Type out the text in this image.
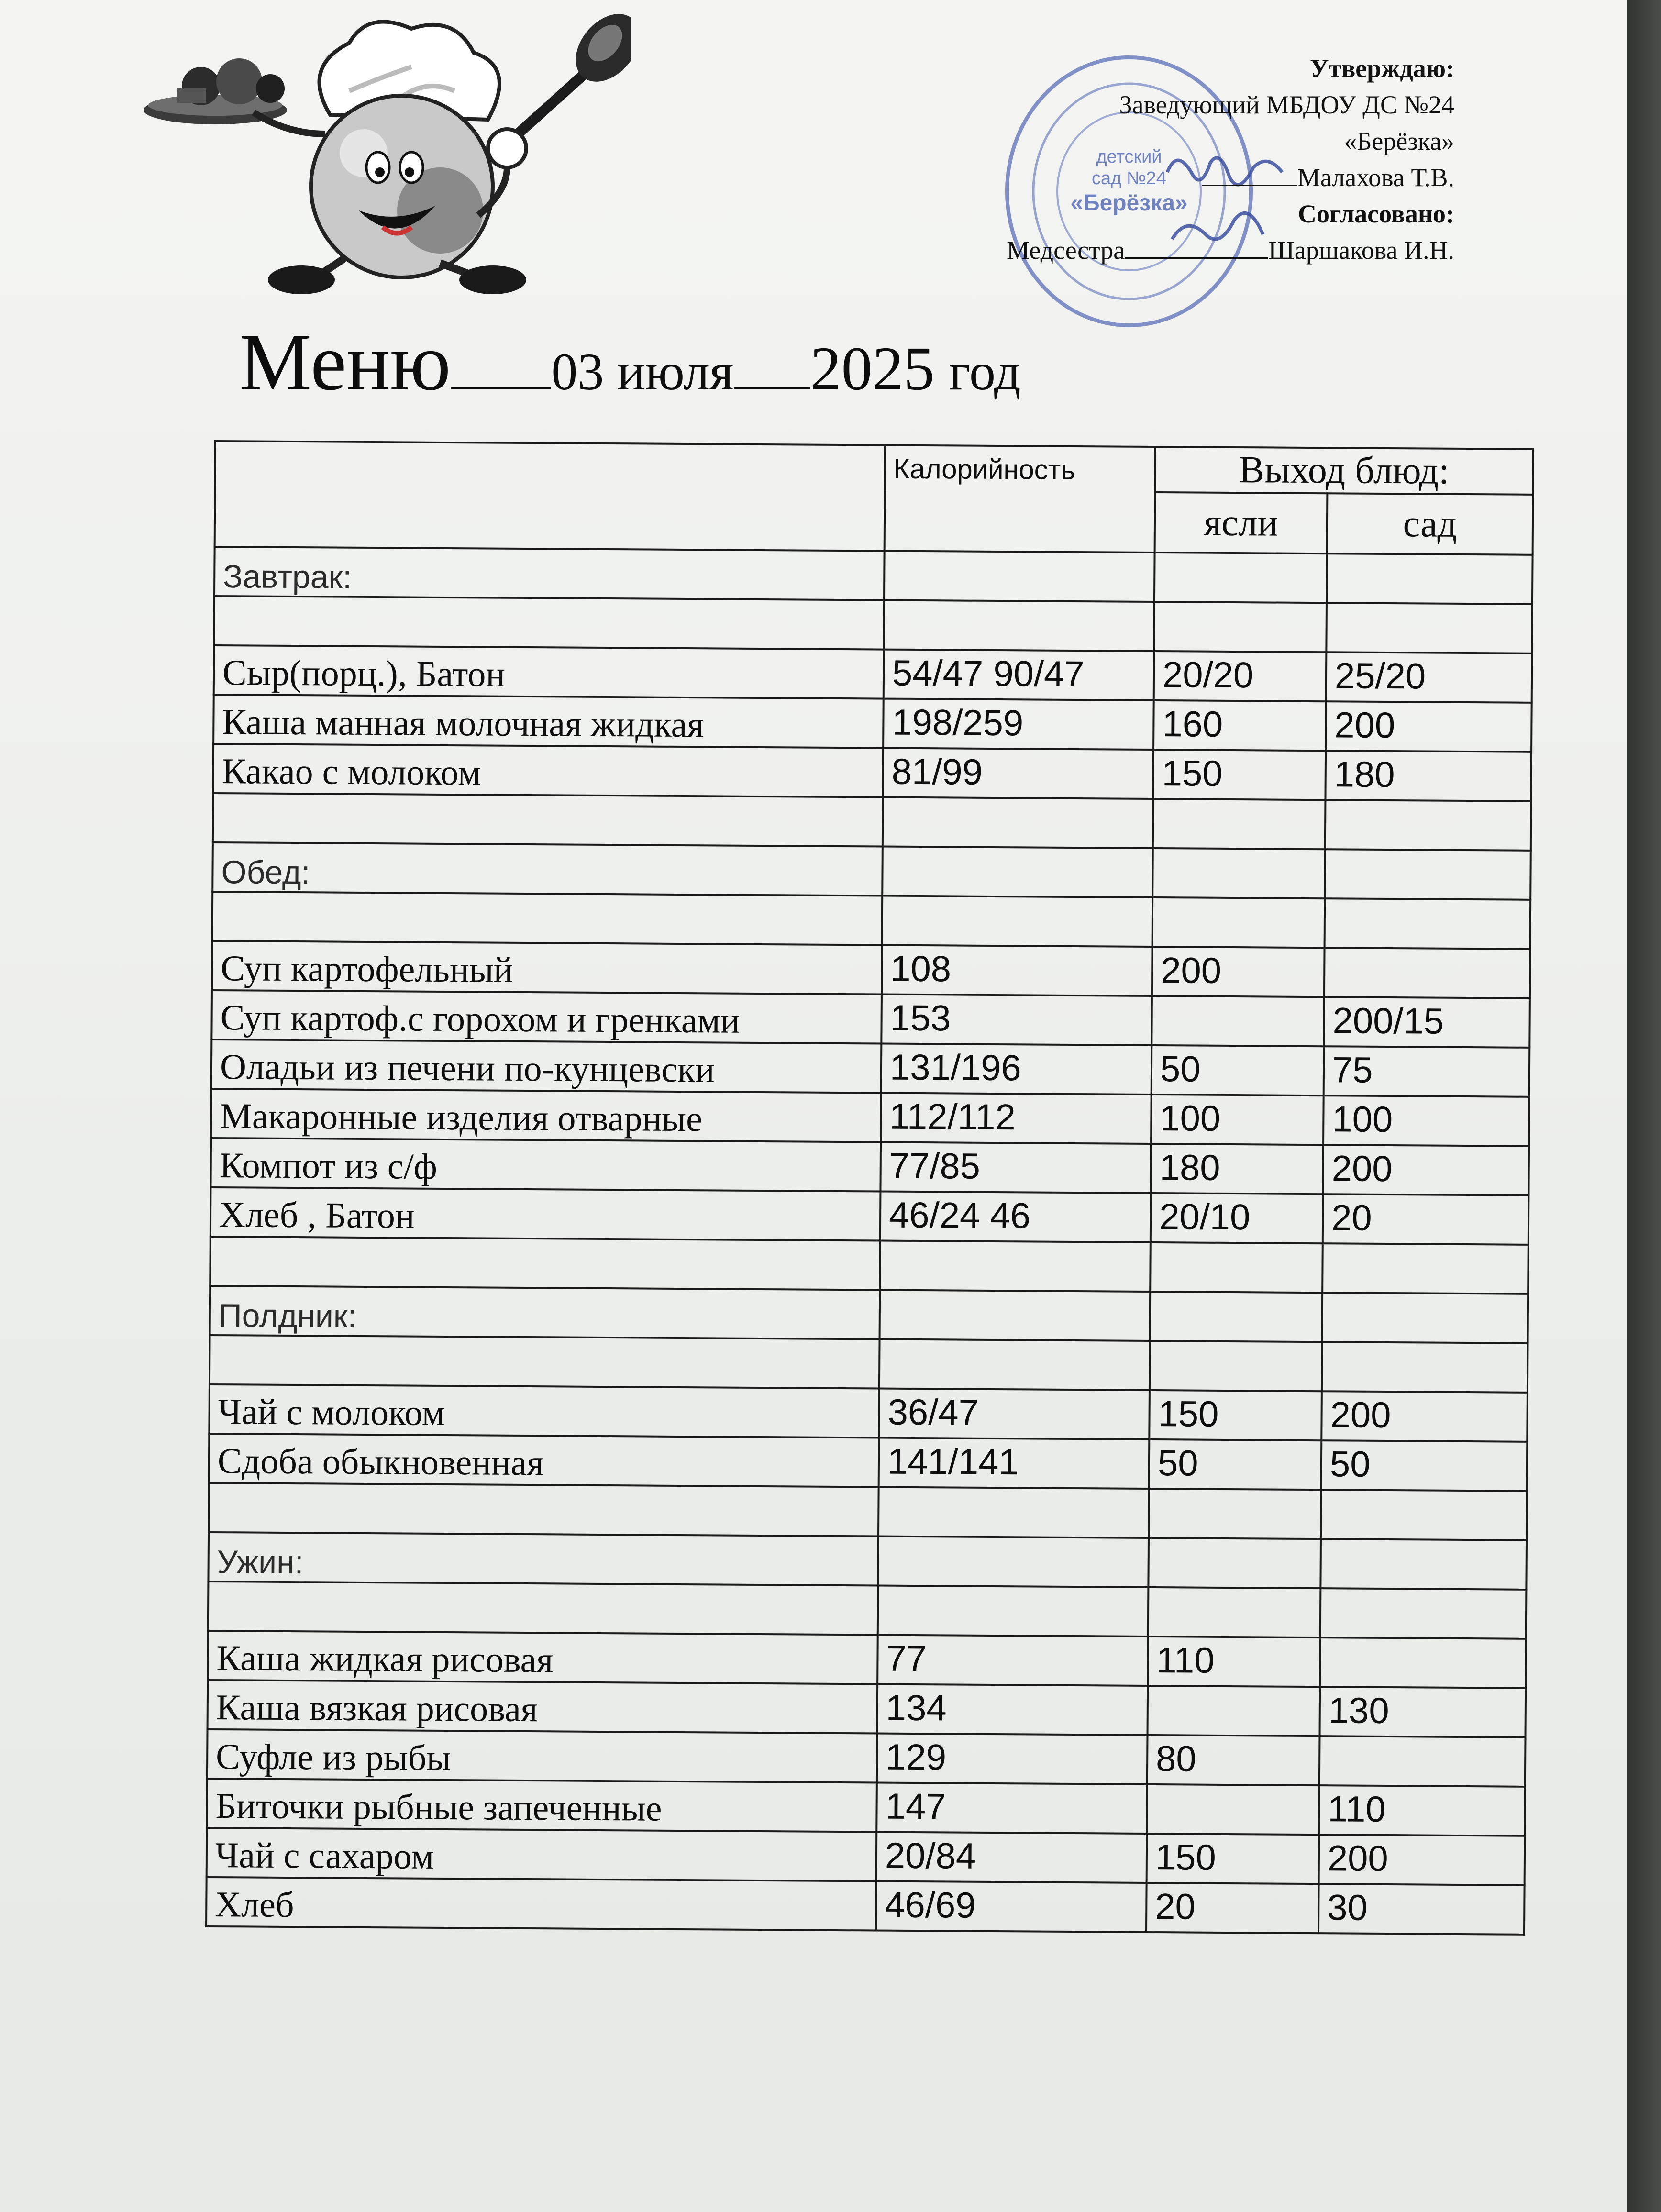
детский
сад №24
«Берёзка»
Утверждаю:
Заведующий МБДОУ ДС №24
«Берёзка»
Малахова Т.В.
Согласовано:
Медсестра	Шаршакова И.Н.
Меню 03 июля 2025 год
	Калорийность	Выход блюд:	
		ясли	сад
Завтрак:			

Сыр(порц.), Батон	54/47 90/47	20/20	25/20
Каша манная молочная жидкая	198/259	160	200
Какао с молоком	81/99	150	180

Обед:			

Суп картофельный	108	200	
Суп картоф.с горохом и гренками	153		200/15
Оладьи из печени по-кунцевски	131/196	50	75
Макаронные изделия отварные	112/112	100	100
Компот из с/ф	77/85	180	200
Хлеб , Батон	46/24 46	20/10	20

Полдник:			

Чай с молоком	36/47	150	200
Сдоба обыкновенная	141/141	50	50

Ужин:			

Каша жидкая рисовая	77	110	
Каша вязкая рисовая	134		130
Суфле из рыбы	129	80	
Биточки рыбные запеченные	147		110
Чай с сахаром	20/84	150	200
Хлеб	46/69	20	30
